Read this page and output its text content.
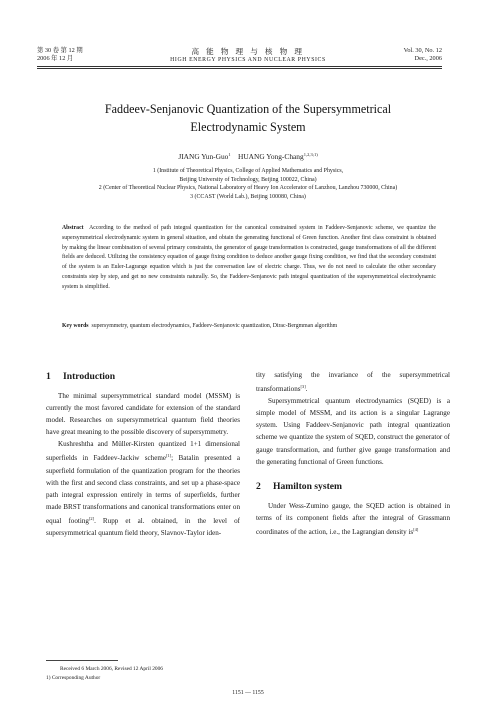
第 30 卷 第 12 期
2006 年 12 月
高 能 物 理 与 核 物 理
HIGH ENERGY PHYSICS AND NUCLEAR PHYSICS
Vol. 30, No. 12
Dec., 2006
Faddeev-Senjanovic Quantization of the Supersymmetrical
Electrodynamic System
JIANG Yun-Guo$^1$ HUANG Yong-Chang$^{1,2,3;1)}$
1 (Institute of Theoretical Physics, College of Applied Mathematics and Physics,
Beijing University of Technology, Beijing 100022, China)
2 (Center of Theoretical Nuclear Physics, National Laboratory of Heavy Ion Accelerator of Lanzhou, Lanzhou 730000, China)
3 (CCAST (World Lab.), Beijing 100080, China)
Abstract According to the method of path integral quantization for the canonical constrained system in Faddeev-Senjanovic scheme, we quantize the supersymmetrical electrodynamic system in general situation, and obtain the generating functional of Green function. Another first class constraint is obtained by making the linear combination of several primary constraints, the generator of gauge transformation is constructed, gauge transformations of all the different fields are deduced. Utilizing the consistency equation of gauge fixing condition to deduce another gauge fixing condition, we find that the secondary constraint of the system is an Euler-Lagrange equation which is just the conversation law of electric charge. Thus, we do not need to calculate the other secondary constraints step by step, and get no new constraints naturally. So, the Faddeev-Senjanovic path integral quantization of the supersymmetrical electrodynamic system is simplified.
Key words supersymmetry, quantum electrodynamics, Faddeev-Senjanovic quantization, Dirac-Bergmman algorithm
1 Introduction

The minimal supersymmetrical standard model (MSSM) is currently the most favored candidate for extension of the standard model. Researches on supersymmetrical quantum field theories have great meaning to the possible discovery of supersymmetry.

Kushreshtha and Müller-Kirsten quantized 1+1 dimensional superfields in Faddeev-Jackiw scheme[1]; Batalin presented a superfield formulation of the quantization program for the theories with the first and second class constraints, and set up a phase-space path integral expression entirely in terms of superfields, further made BRST transformations and canonical transformations enter on equal footing[2]. Rupp et al. obtained, in the level of supersymmetrical quantum field theory, Slavnov-Taylor iden-

tity satisfying the invariance of the supersymmetrical transformations[3].

Supersymmetrical quantum electrodynamics (SQED) is a simple model of MSSM, and its action is a singular Lagrange system. Using Faddeev-Senjanovic path integral quantization scheme we quantize the system of SQED, construct the generator of gauge transformation, and further give gauge transformation and the generating functional of Green functions.

2 Hamilton system

Under Wess-Zumino gauge, the SQED action is obtained in terms of its component fields after the integral of Grassmann coordinates of the action, i.e., the Lagrangian density is[4]

Received 6 March 2006, Revised 12 April 2006
1) Corresponding Author
1151 — 1155
